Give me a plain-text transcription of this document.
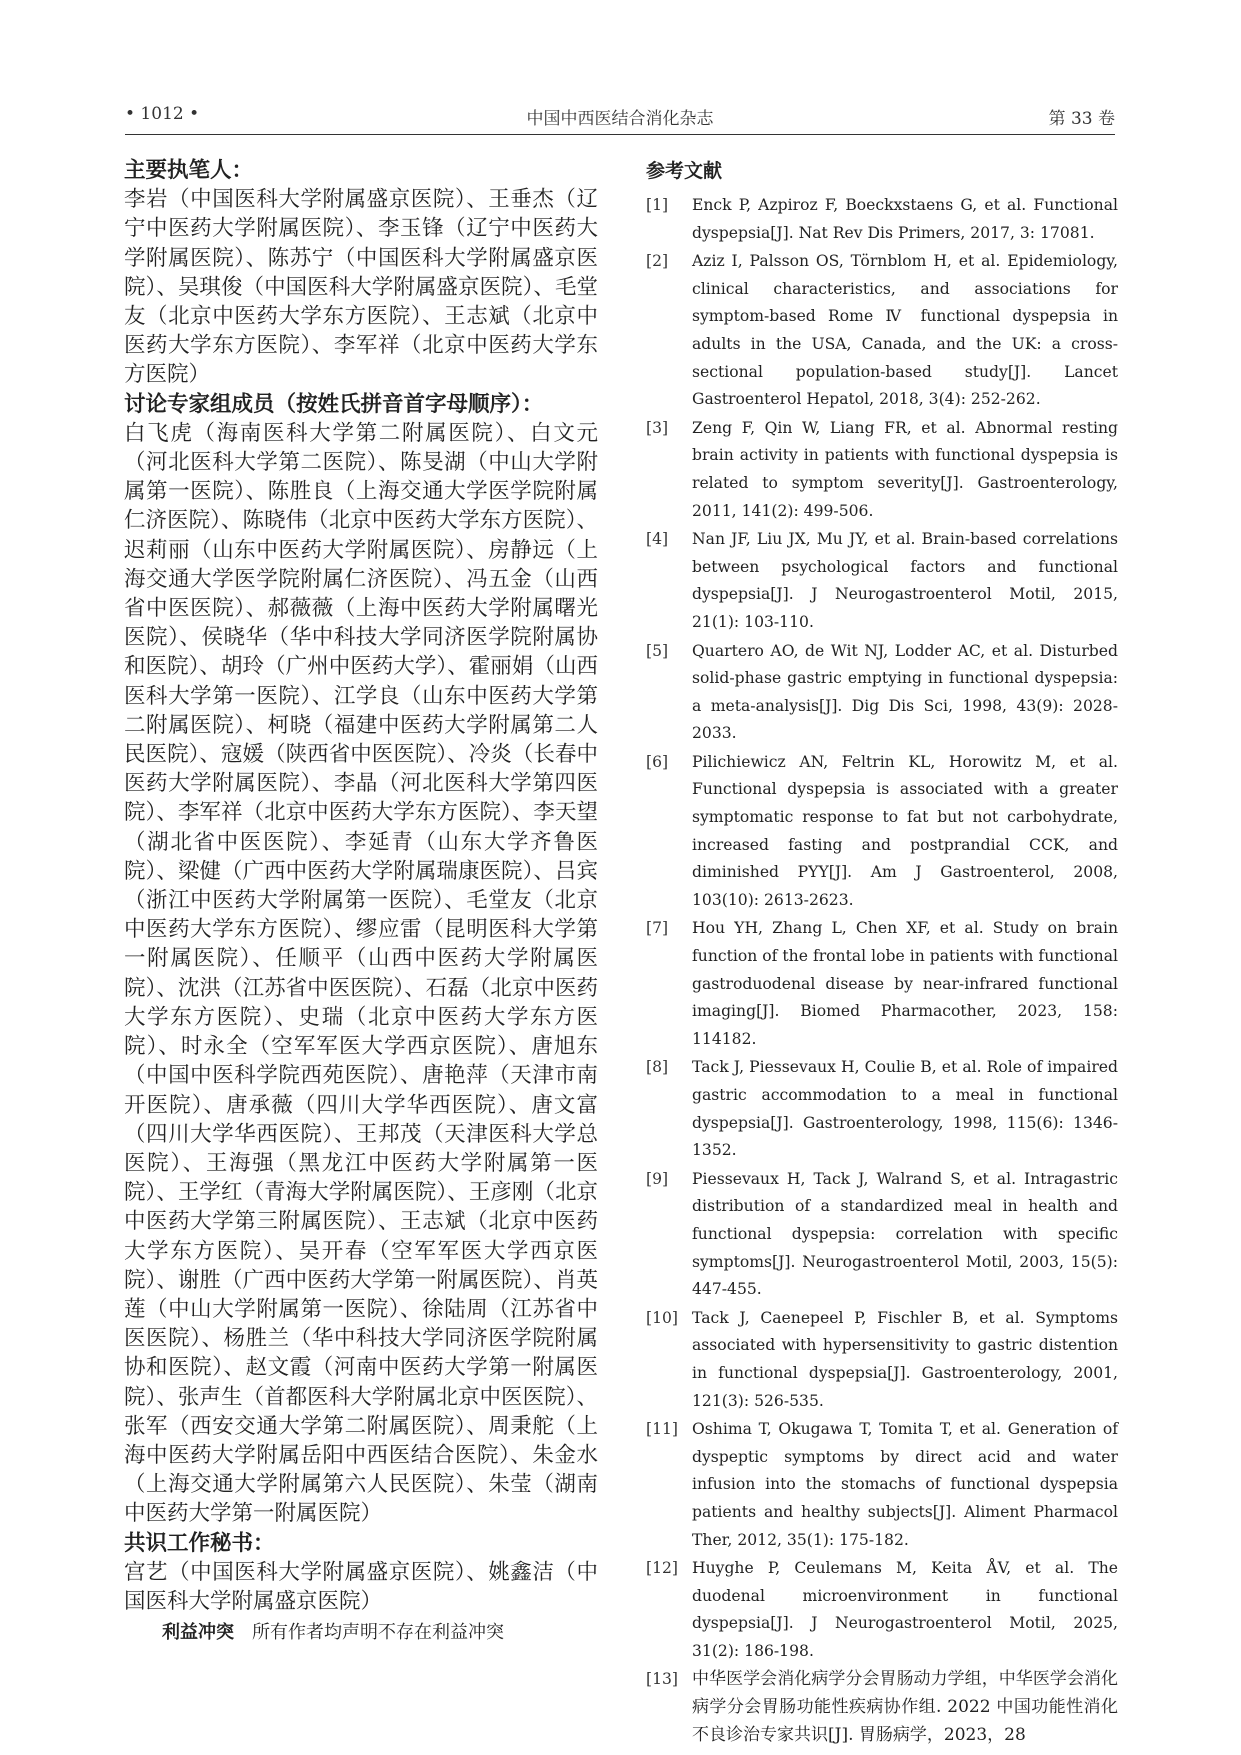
• 1012 •	中国中西医结合消化杂志	第 33 卷
主要执笔人：
李岩（中国医科大学附属盛京医院）、王垂杰（辽宁中医药大学附属医院）、李玉锋（辽宁中医药大学附属医院）、陈苏宁（中国医科大学附属盛京医院）、吴琪俊（中国医科大学附属盛京医院）、毛堂友（北京中医药大学东方医院）、王志斌（北京中医药大学东方医院）、李军祥（北京中医药大学东方医院）
讨论专家组成员（按姓氏拼音首字母顺序）：
白飞虎（海南医科大学第二附属医院）、白文元（河北医科大学第二医院）、陈旻湖（中山大学附属第一医院）、陈胜良（上海交通大学医学院附属仁济医院）、陈晓伟（北京中医药大学东方医院）、迟莉丽（山东中医药大学附属医院）、房静远（上海交通大学医学院附属仁济医院）、冯五金（山西省中医医院）、郝薇薇（上海中医药大学附属曙光医院）、侯晓华（华中科技大学同济医学院附属协和医院）、胡玲（广州中医药大学）、霍丽娟（山西医科大学第一医院）、江学良（山东中医药大学第二附属医院）、柯晓（福建中医药大学附属第二人民医院）、寇媛（陕西省中医医院）、冷炎（长春中医药大学附属医院）、李晶（河北医科大学第四医院）、李军祥（北京中医药大学东方医院）、李天望（湖北省中医医院）、李延青（山东大学齐鲁医院）、梁健（广西中医药大学附属瑞康医院）、吕宾（浙江中医药大学附属第一医院）、毛堂友（北京中医药大学东方医院）、缪应雷（昆明医科大学第一附属医院）、任顺平（山西中医药大学附属医院）、沈洪（江苏省中医医院）、石磊（北京中医药大学东方医院）、史瑞（北京中医药大学东方医院）、时永全（空军军医大学西京医院）、唐旭东（中国中医科学院西苑医院）、唐艳萍（天津市南开医院）、唐承薇（四川大学华西医院）、唐文富（四川大学华西医院）、王邦茂（天津医科大学总医院）、王海强（黑龙江中医药大学附属第一医院）、王学红（青海大学附属医院）、王彦刚（北京中医药大学第三附属医院）、王志斌（北京中医药大学东方医院）、吴开春（空军军医大学西京医院）、谢胜（广西中医药大学第一附属医院）、肖英莲（中山大学附属第一医院）、徐陆周（江苏省中医医院）、杨胜兰（华中科技大学同济医学院附属协和医院）、赵文霞（河南中医药大学第一附属医院）、张声生（首都医科大学附属北京中医医院）、张军（西安交通大学第二附属医院）、周秉舵（上海中医药大学附属岳阳中西医结合医院）、朱金水（上海交通大学附属第六人民医院）、朱莹（湖南中医药大学第一附属医院）
共识工作秘书：
宫艺（中国医科大学附属盛京医院）、姚鑫洁（中国医科大学附属盛京医院）
利益冲突 所有作者均声明不存在利益冲突
参考文献
[1] Enck P, Azpiroz F, Boeckxstaens G, et al. Functional dyspepsia[J]. Nat Rev Dis Primers, 2017, 3: 17081.
[2] Aziz I, Palsson OS, Törnblom H, et al. Epidemiology, clinical characteristics, and associations for symptom-based Rome Ⅳ functional dyspepsia in adults in the USA, Canada, and the UK: a cross-sectional population-based study[J]. Lancet Gastroenterol Hepatol, 2018, 3(4): 252-262.
[3] Zeng F, Qin W, Liang FR, et al. Abnormal resting brain activity in patients with functional dyspepsia is related to symptom severity[J]. Gastroenterology, 2011, 141(2): 499-506.
[4] Nan JF, Liu JX, Mu JY, et al. Brain-based correlations between psychological factors and functional dyspepsia[J]. J Neurogastroenterol Motil, 2015, 21(1): 103-110.
[5] Quartero AO, de Wit NJ, Lodder AC, et al. Disturbed solid-phase gastric emptying in functional dyspepsia: a meta-analysis[J]. Dig Dis Sci, 1998, 43(9): 2028-2033.
[6] Pilichiewicz AN, Feltrin KL, Horowitz M, et al. Functional dyspepsia is associated with a greater symptomatic response to fat but not carbohydrate, increased fasting and postprandial CCK, and diminished PYY[J]. Am J Gastroenterol, 2008, 103(10): 2613-2623.
[7] Hou YH, Zhang L, Chen XF, et al. Study on brain function of the frontal lobe in patients with functional gastroduodenal disease by near-infrared functional imaging[J]. Biomed Pharmacother, 2023, 158: 114182.
[8] Tack J, Piessevaux H, Coulie B, et al. Role of impaired gastric accommodation to a meal in functional dyspepsia[J]. Gastroenterology, 1998, 115(6): 1346-1352.
[9] Piessevaux H, Tack J, Walrand S, et al. Intragastric distribution of a standardized meal in health and functional dyspepsia: correlation with specific symptoms[J]. Neurogastroenterol Motil, 2003, 15(5): 447-455.
[10] Tack J, Caenepeel P, Fischler B, et al. Symptoms associated with hypersensitivity to gastric distention in functional dyspepsia[J]. Gastroenterology, 2001, 121(3): 526-535.
[11] Oshima T, Okugawa T, Tomita T, et al. Generation of dyspeptic symptoms by direct acid and water infusion into the stomachs of functional dyspepsia patients and healthy subjects[J]. Aliment Pharmacol Ther, 2012, 35(1): 175-182.
[12] Huyghe P, Ceulemans M, Keita ÅV, et al. The duodenal microenvironment in functional dyspepsia[J]. J Neurogastroenterol Motil, 2025, 31(2): 186-198.
[13] 中华医学会消化病学分会胃肠动力学组，中华医学会消化病学分会胃肠功能性疾病协作组. 2022 中国功能性消化不良诊治专家共识[J]. 胃肠病学，2023，28
